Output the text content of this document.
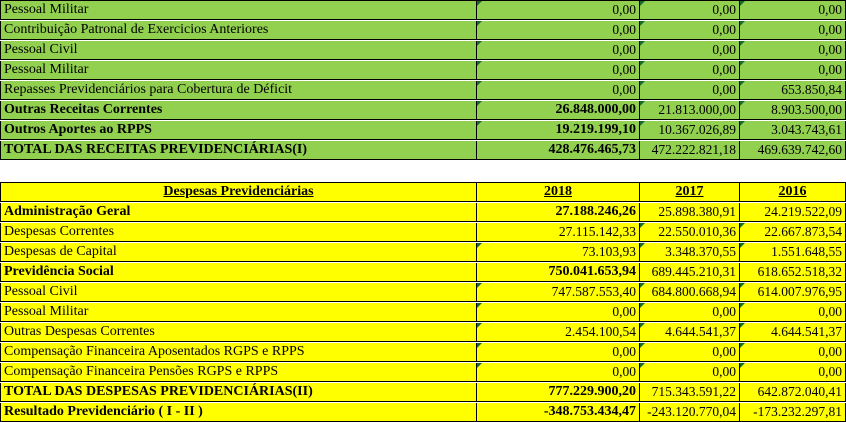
Pessoal Militar	0,00	0,00	0,00
Contribuição Patronal de Exercicios Anteriores	0,00	0,00	0,00
Pessoal Civil	0,00	0,00	0,00
Pessoal Militar	0,00	0,00	0,00
Repasses Previdenciários para Cobertura de Déficit	0,00	0,00	653.850,84
Outras Receitas Correntes	26.848.000,00	21.813.000,00	8.903.500,00
Outros Aportes ao RPPS	19.219.199,10	10.367.026,89	3.043.743,61
TOTAL DAS RECEITAS PREVIDENCIÁRIAS(I)	428.476.465,73	472.222.821,18	469.639.742,60
Despesas Previdenciárias	2018	2017	2016
Administração Geral	27.188.246,26	25.898.380,91	24.219.522,09
Despesas Correntes	27.115.142,33	22.550.010,36	22.667.873,54
Despesas de Capital	73.103,93	3.348.370,55	1.551.648,55
Previdência Social	750.041.653,94	689.445.210,31	618.652.518,32
Pessoal Civil	747.587.553,40	684.800.668,94	614.007.976,95
Pessoal Militar	0,00	0,00	0,00
Outras Despesas Correntes	2.454.100,54	4.644.541,37	4.644.541,37
Compensação Financeira Aposentados RGPS e RPPS	0,00	0,00	0,00
Compensação Financeira Pensões RGPS e RPPS	0,00	0,00	0,00
TOTAL DAS DESPESAS PREVIDENCIÁRIAS(II)	777.229.900,20	715.343.591,22	642.872.040,41
Resultado Previdenciário ( I - II )	-348.753.434,47 -243.120.770,04	-173.232.297,81
